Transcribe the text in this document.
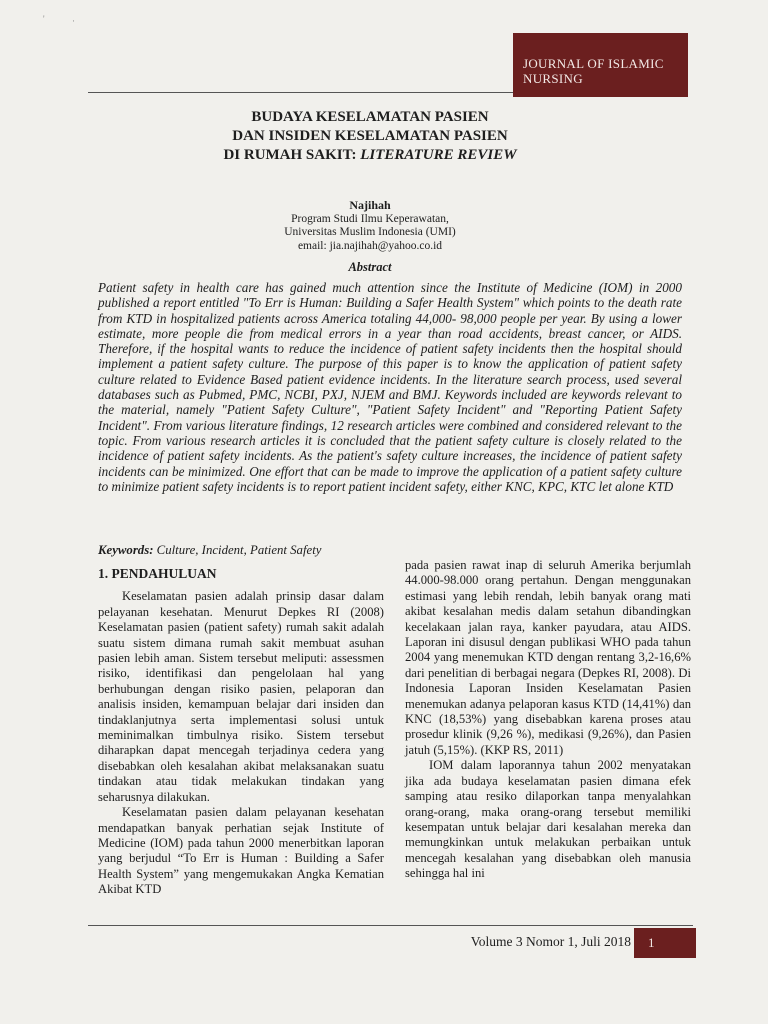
'	·
JOURNAL OF ISLAMIC
NURSING
BUDAYA KESELAMATAN PASIEN
DAN INSIDEN KESELAMATAN PASIEN
DI RUMAH SAKIT: LITERATURE REVIEW
Najihah
Program Studi Ilmu Keperawatan,
Universitas Muslim Indonesia (UMI)
email: jia.najihah@yahoo.co.id
Abstract
Patient safety in health care has gained much attention since the Institute of Medicine (IOM) in 2000 published a report entitled "To Err is Human: Building a Safer Health System" which points to the death rate from KTD in hospitalized patients across America totaling 44,000- 98,000 people per year. By using a lower estimate, more people die from medical errors in a year than road accidents, breast cancer, or AIDS. Therefore, if the hospital wants to reduce the incidence of patient safety incidents then the hospital should implement a patient safety culture. The purpose of this paper is to know the application of patient safety culture related to Evidence Based patient evidence incidents. In the literature search process, used several databases such as Pubmed, PMC, NCBI, PXJ, NJEM and BMJ. Keywords included are keywords relevant to the material, namely "Patient Safety Culture", "Patient Safety Incident" and "Reporting Patient Safety Incident". From various literature findings, 12 research articles were combined and considered relevant to the topic. From various research articles it is concluded that the patient safety culture is closely related to the incidence of patient safety incidents. As the patient's safety culture increases, the incidence of patient safety incidents can be minimized. One effort that can be made to improve the application of a patient safety culture to minimize patient safety incidents is to report patient incident safety, either KNC, KPC, KTC let alone KTD
Keywords: Culture, Incident, Patient Safety
1. PENDAHULUAN

Keselamatan pasien adalah prinsip dasar dalam pelayanan kesehatan. Menurut Depkes RI (2008) Keselamatan pasien (patient safety) rumah sakit adalah suatu sistem dimana rumah sakit membuat asuhan pasien lebih aman. Sistem tersebut meliputi: assessmen risiko, identifikasi dan pengelolaan hal yang berhubungan dengan risiko pasien, pelaporan dan analisis insiden, kemampuan belajar dari insiden dan tindaklanjutnya serta implementasi solusi untuk meminimalkan timbulnya risiko. Sistem tersebut diharapkan dapat mencegah terjadinya cedera yang disebabkan oleh kesalahan akibat melaksanakan suatu tindakan atau tidak melakukan tindakan yang seharusnya dilakukan.

Keselamatan pasien dalam pelayanan kesehatan mendapatkan banyak perhatian sejak Institute of Medicine (IOM) pada tahun 2000 menerbitkan laporan yang berjudul “To Err is Human : Building a Safer Health System” yang mengemukakan Angka Kematian Akibat KTD

pada pasien rawat inap di seluruh Amerika berjumlah 44.000-98.000 orang pertahun. Dengan menggunakan estimasi yang lebih rendah, lebih banyak orang mati akibat kesalahan medis dalam setahun dibandingkan kecelakaan jalan raya, kanker payudara, atau AIDS. Laporan ini disusul dengan publikasi WHO pada tahun 2004 yang menemukan KTD dengan rentang 3,2-16,6% dari penelitian di berbagai negara (Depkes RI, 2008). Di Indonesia Laporan Insiden Keselamatan Pasien menemukan adanya pelaporan kasus KTD (14,41%) dan KNC (18,53%) yang disebabkan karena proses atau prosedur klinik (9,26 %), medikasi (9,26%), dan Pasien jatuh (5,15%). (KKP RS, 2011)

IOM dalam laporannya tahun 2002 menyatakan jika ada budaya keselamatan pasien dimana efek samping atau resiko dilaporkan tanpa menyalahkan orang-orang, maka orang-orang tersebut memiliki kesempatan untuk belajar dari kesalahan mereka dan memungkinkan untuk melakukan perbaikan untuk mencegah kesalahan yang disebabkan oleh manusia sehingga hal ini

Volume 3 Nomor 1, Juli 2018	1
